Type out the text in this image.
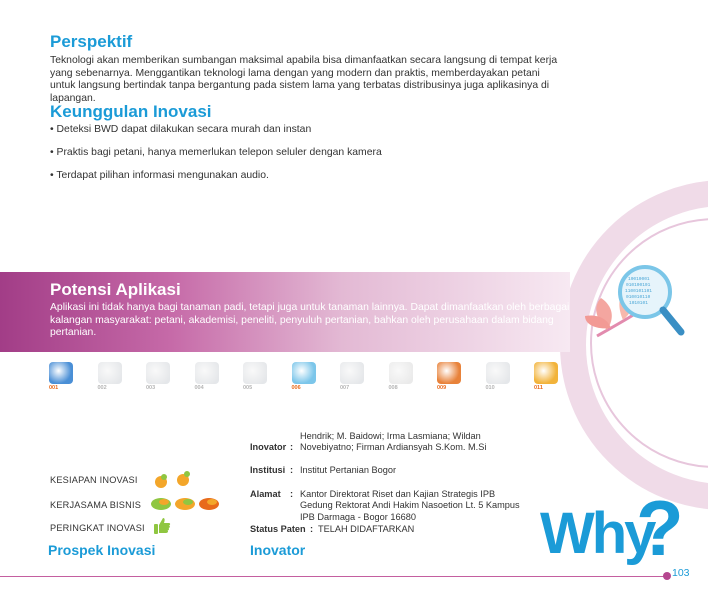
Perspektif

Teknologi akan memberikan sumbangan maksimal apabila bisa dimanfaatkan secara langsung di tempat kerja yang sebenarnya. Menggantikan teknologi lama dengan yang modern dan praktis, memberdayakan petani untuk langsung bertindak tanpa bergantung pada sistem lama yang terbatas distribusinya juga aplikasinya di lapangan.

Keunggulan Inovasi
• Deteksi BWD dapat dilakukan secara murah dan instan
• Praktis bagi petani, hanya memerlukan telepon seluler dengan kamera
• Terdapat pilihan informasi mengunakan audio.
Potensi Aplikasi

Aplikasi ini tidak hanya bagi tanaman padi, tetapi juga untuk tanaman lainnya. Dapat dimanfaatkan oleh berbagai kalangan masyarakat: petani, akademisi, peneliti, penyuluh pertanian, bahkan oleh perusahaan dalam bidang pertanian.

10010001
010100101
1100101101
010010110
1010101
001	002	003	004	005	006	007	008	009	010	011
KESIAPAN INOVASI
KERJASAMA BISNIS
PERINGKAT INOVASI
Prospek Inovasi
Inovator :
Hendrik; M. Baidowi; Irma Lasmiana; Wildan Novebiyatno; Firman Ardiansyah S.Kom. M.Si
Institusi : Institut Pertanian Bogor
Alamat : Kantor Direktorat Riset dan Kajian Strategis IPB Gedung Rektorat Andi Hakim Nasoetion Lt. 5 Kampus IPB Darmaga - Bogor 16680
Status Paten : TELAH DIDAFTARKAN
Inovator	Why
?
103
